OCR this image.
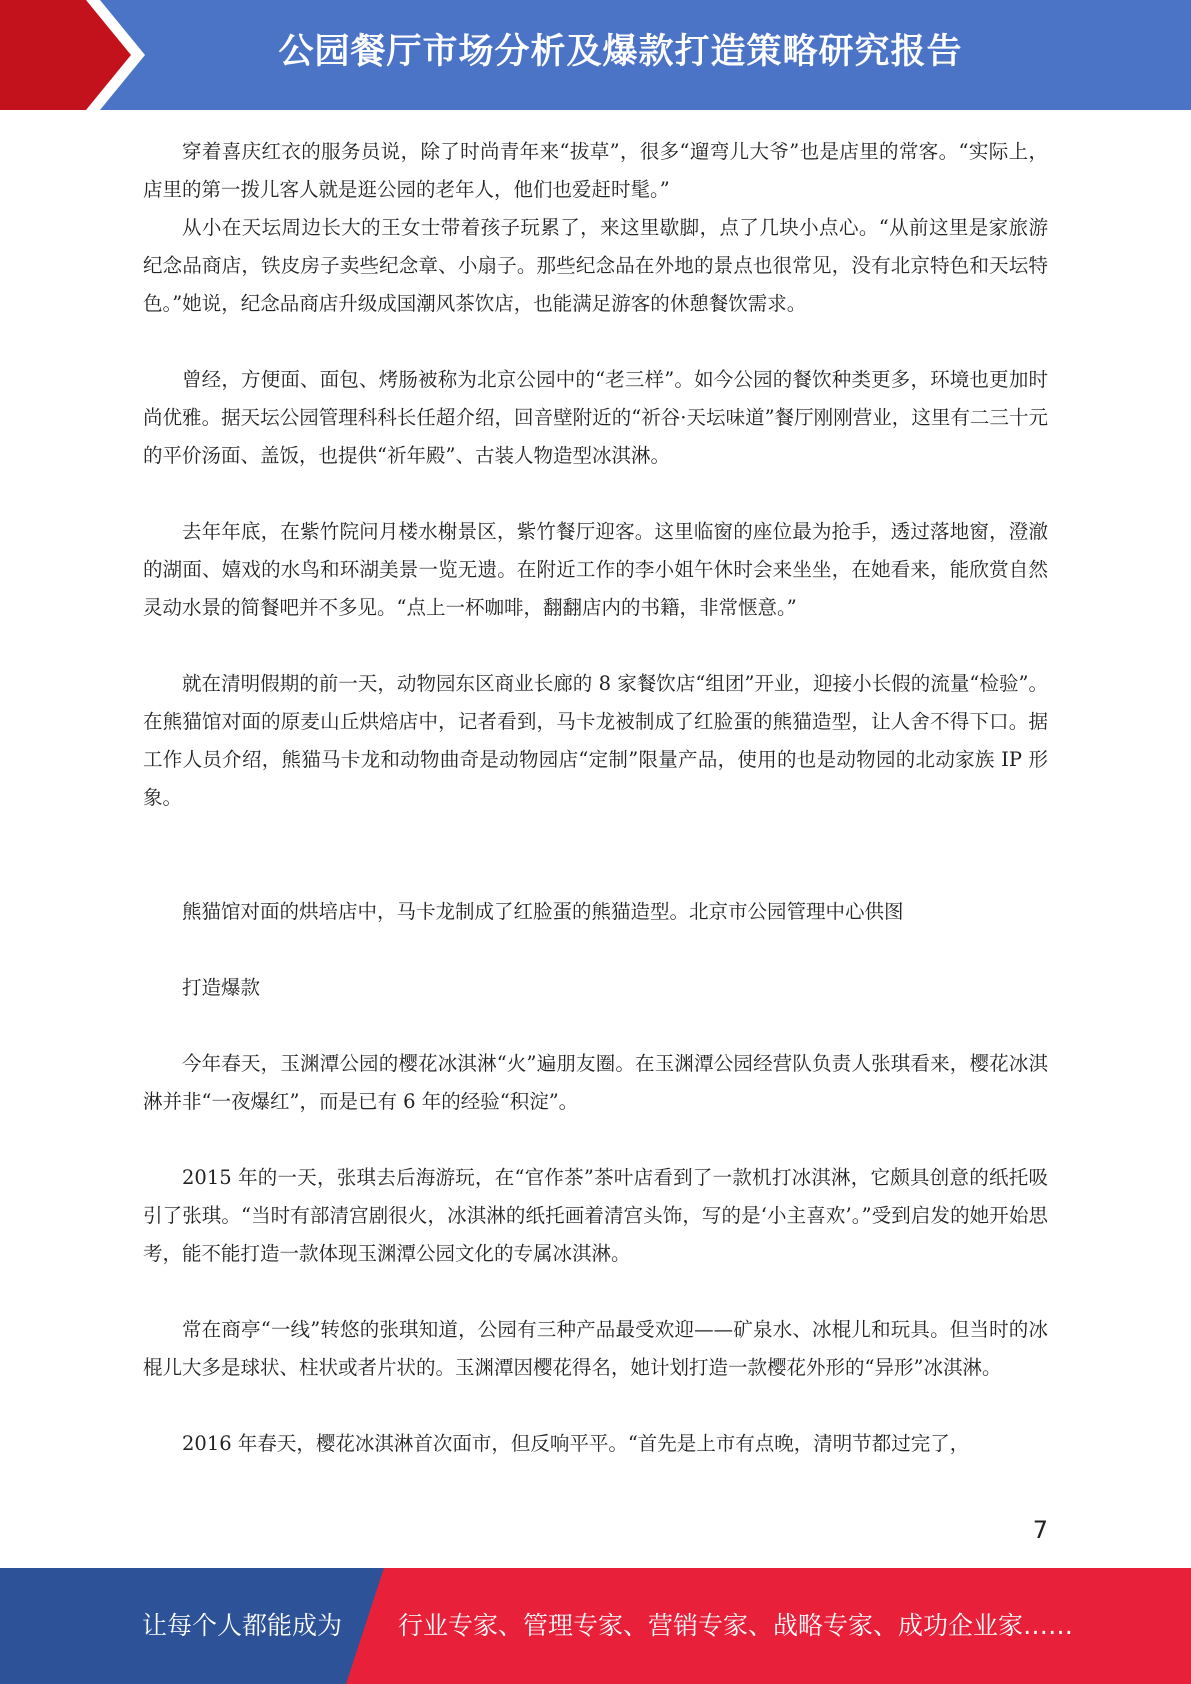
公园餐厅市场分析及爆款打造策略研究报告

穿着喜庆红衣的服务员说，除了时尚青年来“拔草”，很多“遛弯儿大爷”也是店里的常客。“实际上，店里的第一拨儿客人就是逛公园的老年人，他们也爱赶时髦。”

从小在天坛周边长大的王女士带着孩子玩累了，来这里歇脚，点了几块小点心。“从前这里是家旅游纪念品商店，铁皮房子卖些纪念章、小扇子。那些纪念品在外地的景点也很常见，没有北京特色和天坛特色。”她说，纪念品商店升级成国潮风茶饮店，也能满足游客的休憩餐饮需求。

曾经，方便面、面包、烤肠被称为北京公园中的“老三样”。如今公园的餐饮种类更多，环境也更加时尚优雅。据天坛公园管理科科长任超介绍，回音壁附近的“祈谷·天坛味道”餐厅刚刚营业，这里有二三十元的平价汤面、盖饭，也提供“祈年殿”、古装人物造型冰淇淋。

去年年底，在紫竹院问月楼水榭景区，紫竹餐厅迎客。这里临窗的座位最为抢手，透过落地窗，澄澈的湖面、嬉戏的水鸟和环湖美景一览无遗。在附近工作的李小姐午休时会来坐坐，在她看来，能欣赏自然灵动水景的简餐吧并不多见。“点上一杯咖啡，翻翻店内的书籍，非常惬意。”

就在清明假期的前一天，动物园东区商业长廊的 8 家餐饮店“组团”开业，迎接小长假的流量“检验”。在熊猫馆对面的原麦山丘烘焙店中，记者看到，马卡龙被制成了红脸蛋的熊猫造型，让人舍不得下口。据工作人员介绍，熊猫马卡龙和动物曲奇是动物园店“定制”限量产品，使用的也是动物园的北动家族 IP 形象。

熊猫馆对面的烘培店中，马卡龙制成了红脸蛋的熊猫造型。北京市公园管理中心供图

打造爆款

今年春天，玉渊潭公园的樱花冰淇淋“火”遍朋友圈。在玉渊潭公园经营队负责人张琪看来，樱花冰淇淋并非“一夜爆红”，而是已有 6 年的经验“积淀”。

2015 年的一天，张琪去后海游玩，在“官作茶”茶叶店看到了一款机打冰淇淋，它颇具创意的纸托吸引了张琪。“当时有部清宫剧很火，冰淇淋的纸托画着清宫头饰，写的是‘小主喜欢’。”受到启发的她开始思考，能不能打造一款体现玉渊潭公园文化的专属冰淇淋。

常在商亭“一线”转悠的张琪知道，公园有三种产品最受欢迎——矿泉水、冰棍儿和玩具。但当时的冰棍儿大多是球状、柱状或者片状的。玉渊潭因樱花得名，她计划打造一款樱花外形的“异形”冰淇淋。

2016 年春天，樱花冰淇淋首次面市，但反响平平。“首先是上市有点晚，清明节都过完了，

7
让每个人都能成为 行业专家、管理专家、营销专家、战略专家、成功企业家……
